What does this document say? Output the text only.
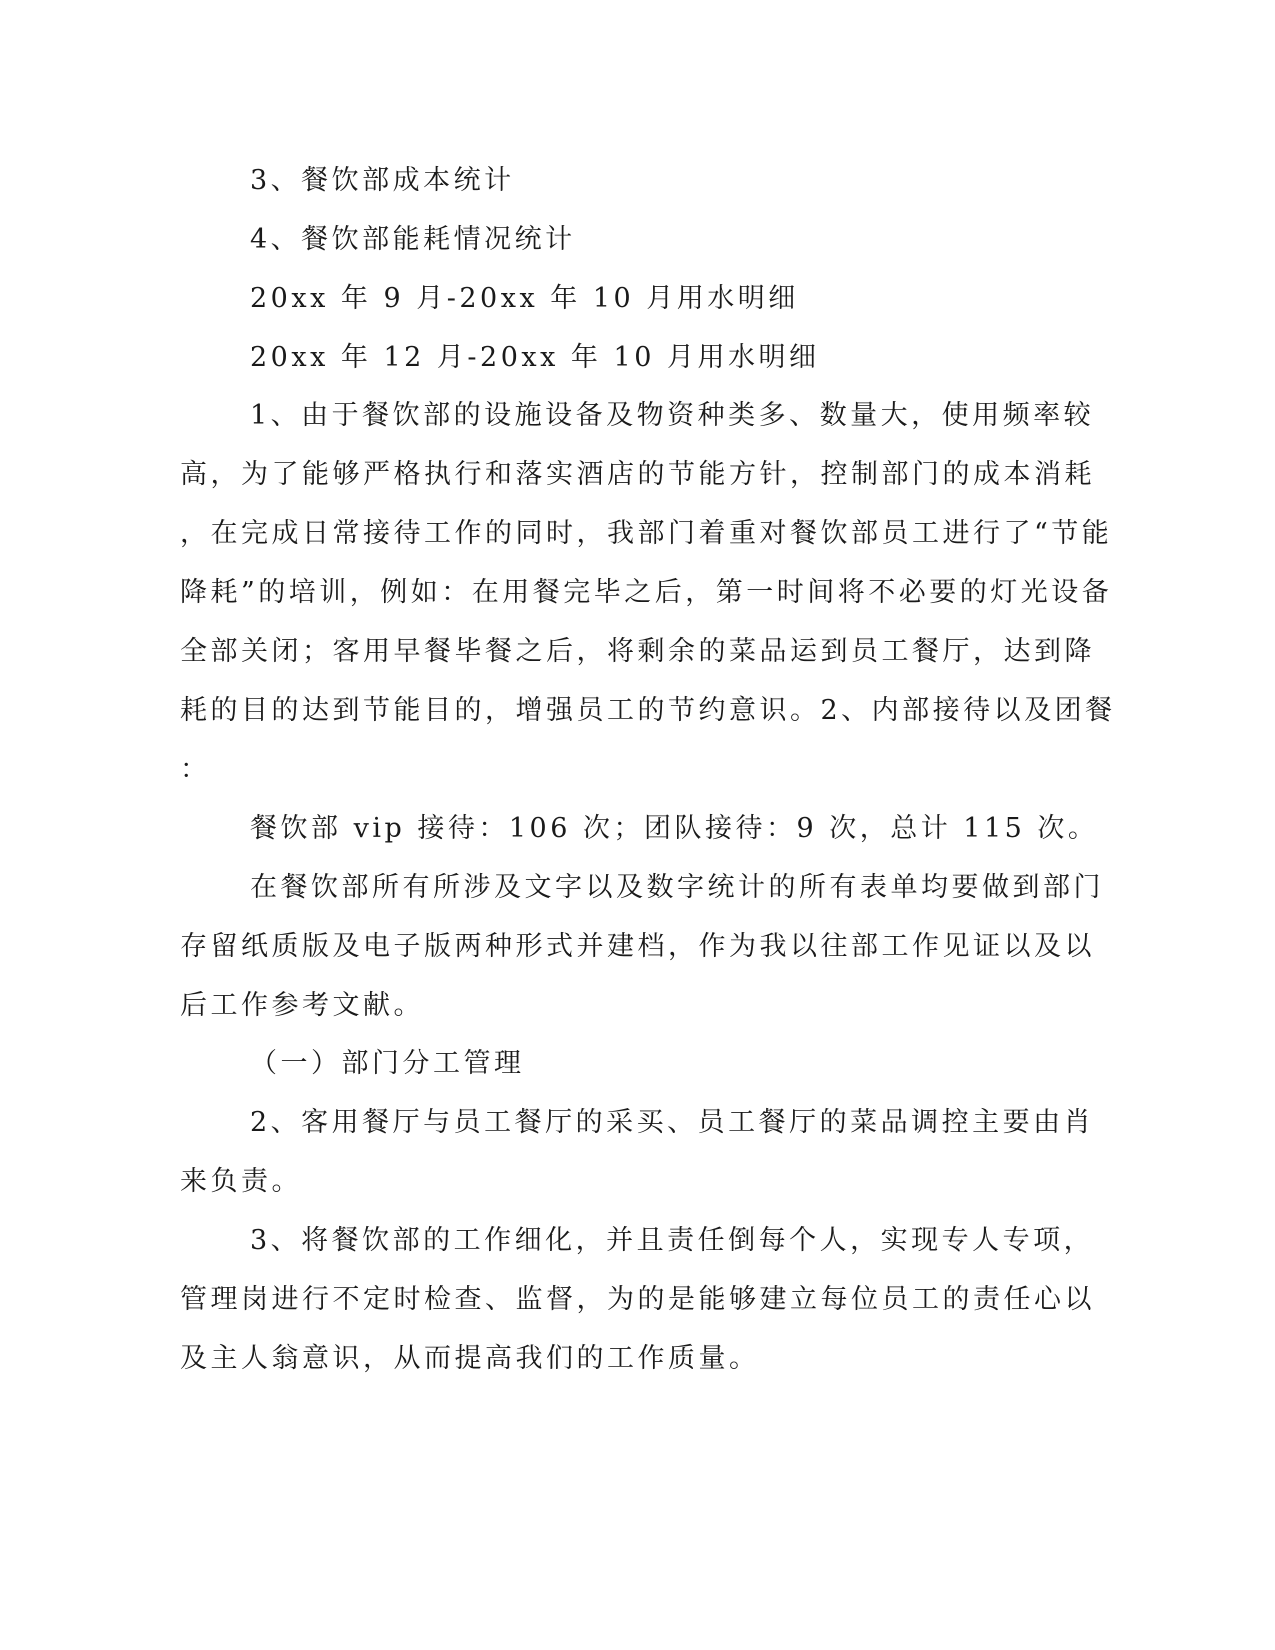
3、餐饮部成本统计
4、餐饮部能耗情况统计
20xx 年 9 月-20xx 年 10 月用水明细
20xx 年 12 月-20xx 年 10 月用水明细
1、由于餐饮部的设施设备及物资种类多、数量大，使用频率较
高，为了能够严格执行和落实酒店的节能方针，控制部门的成本消耗
，在完成日常接待工作的同时，我部门着重对餐饮部员工进行了“节能
降耗”的培训，例如：在用餐完毕之后，第一时间将不必要的灯光设备
全部关闭；客用早餐毕餐之后，将剩余的菜品运到员工餐厅，达到降
耗的目的达到节能目的，增强员工的节约意识。2、内部接待以及团餐
：
餐饮部 vip 接待：106 次；团队接待：9 次，总计 115 次。
在餐饮部所有所涉及文字以及数字统计的所有表单均要做到部门
存留纸质版及电子版两种形式并建档，作为我以往部工作见证以及以
后工作参考文献。
（一）部门分工管理
2、客用餐厅与员工餐厅的采买、员工餐厅的菜品调控主要由肖
来负责。
3、将餐饮部的工作细化，并且责任倒每个人，实现专人专项，
管理岗进行不定时检查、监督，为的是能够建立每位员工的责任心以
及主人翁意识，从而提高我们的工作质量。
